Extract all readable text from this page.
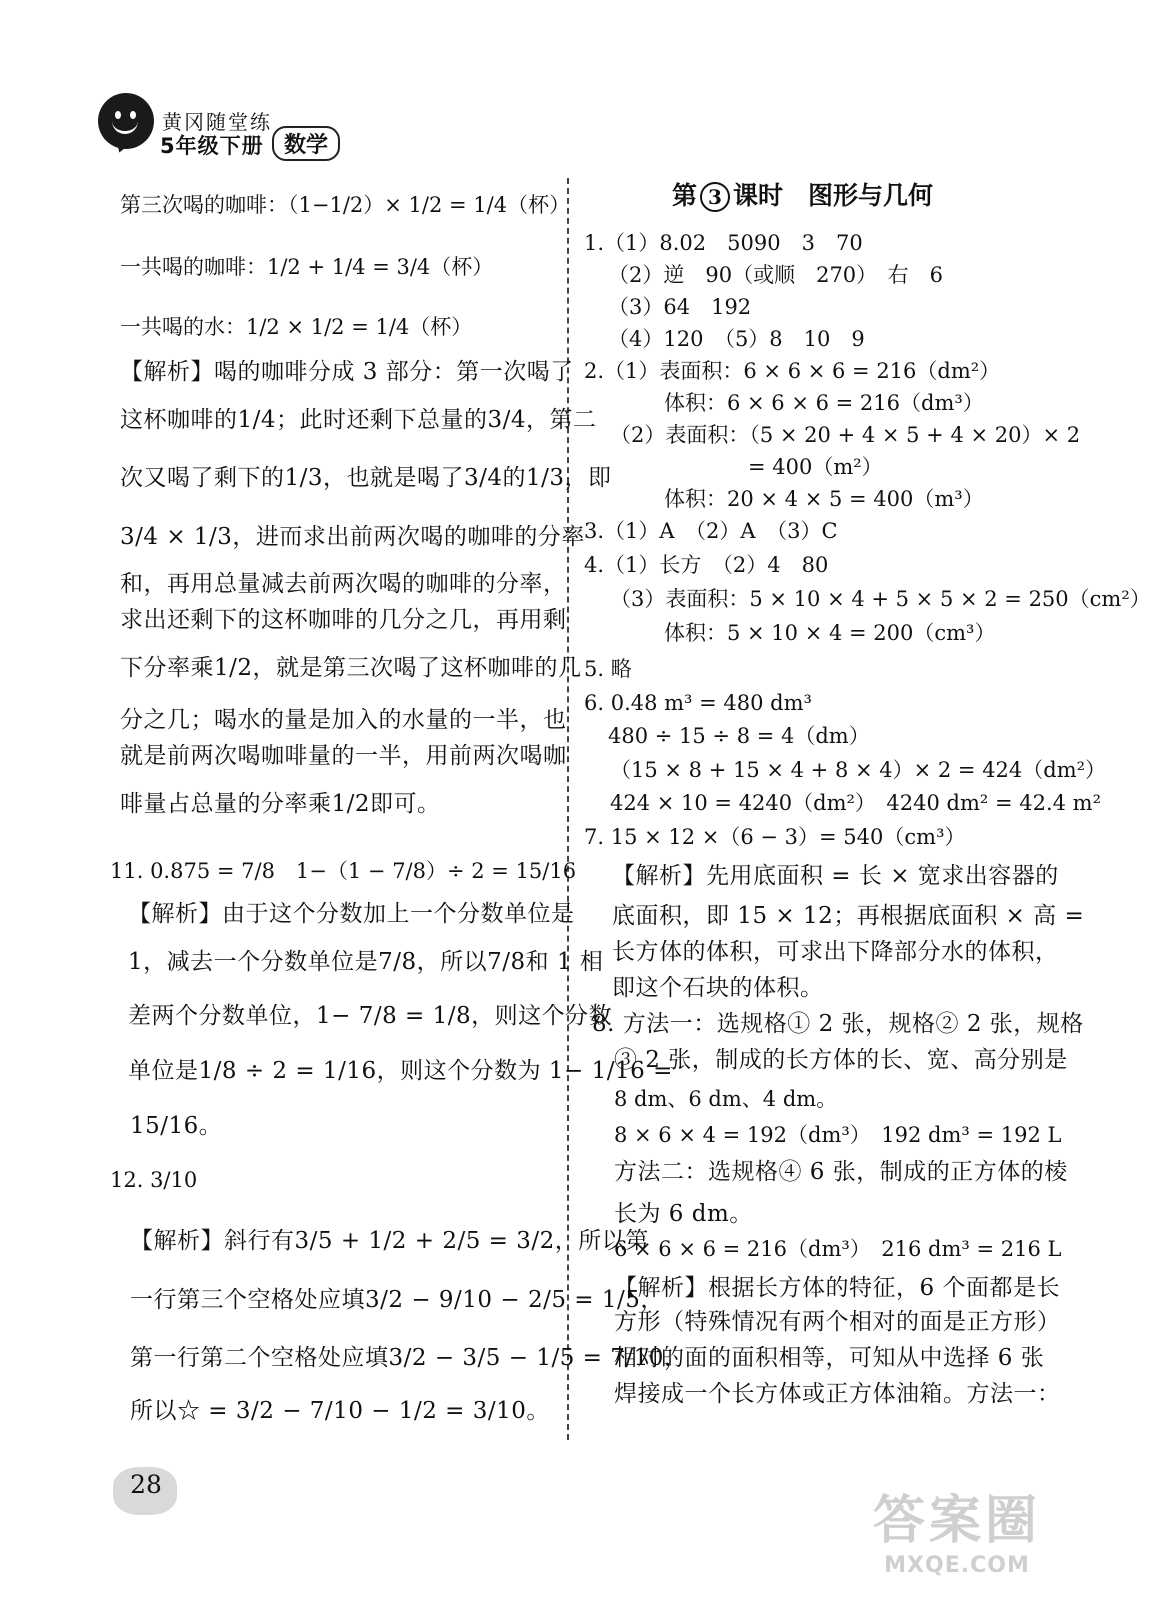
黄冈随堂练
5年级下册 数学
第三次喝的咖啡：（1−1/2）× 1/2 = 1/4（杯）
一共喝的咖啡：1/2 + 1/4 = 3/4（杯）
一共喝的水：1/2 × 1/2 = 1/4（杯）
【解析】喝的咖啡分成 3 部分：第一次喝了
这杯咖啡的1/4；此时还剩下总量的3/4，第二
次又喝了剩下的1/3，也就是喝了3/4的1/3，即
3/4 × 1/3，进而求出前两次喝的咖啡的分率
和，再用总量减去前两次喝的咖啡的分率，
求出还剩下的这杯咖啡的几分之几，再用剩
下分率乘1/2，就是第三次喝了这杯咖啡的几
分之几；喝水的量是加入的水量的一半，也
就是前两次喝咖啡量的一半，用前两次喝咖
啡量占总量的分率乘1/2即可。
11. 0.875 = 7/8　1−（1 − 7/8）÷ 2 = 15/16
【解析】由于这个分数加上一个分数单位是
1，减去一个分数单位是7/8，所以7/8和 1 相
差两个分数单位，1− 7/8 = 1/8，则这个分数
单位是1/8 ÷ 2 = 1/16，则这个分数为 1− 1/16 =
15/16。
12. 3/10
【解析】斜行有3/5 + 1/2 + 2/5 = 3/2，所以第
一行第三个空格处应填3/2 − 9/10 − 2/5 = 1/5，
第一行第二个空格处应填3/2 − 3/5 − 1/5 = 7/10，
所以☆ = 3/2 − 7/10 − 1/2 = 3/10。
第 3 课时　图形与几何
1.（1）8.02　5090　3　70
（2）逆　90（或顺　270）　右　6
（3）64　192
（4）120　（5）8　10　9
2.（1）表面积：6 × 6 × 6 = 216（dm²）
体积：6 × 6 × 6 = 216（dm³）
（2）表面积：（5 × 20 + 4 × 5 + 4 × 20）× 2
= 400（m²）
体积：20 × 4 × 5 = 400（m³）
3.（1）A　（2）A　（3）C
4.（1）长方　（2）4　80
（3）表面积：5 × 10 × 4 + 5 × 5 × 2 = 250（cm²）
体积：5 × 10 × 4 = 200（cm³）
5. 略
6. 0.48 m³ = 480 dm³
480 ÷ 15 ÷ 8 = 4（dm）
（15 × 8 + 15 × 4 + 8 × 4）× 2 = 424（dm²）
424 × 10 = 4240（dm²）　4240 dm² = 42.4 m²
7. 15 × 12 ×（6 − 3）= 540（cm³）
【解析】先用底面积 = 长 × 宽求出容器的
底面积，即 15 × 12；再根据底面积 × 高 =
长方体的体积，可求出下降部分水的体积，
即这个石块的体积。
8. 方法一：选规格① 2 张，规格② 2 张，规格
③ 2 张，制成的长方体的长、宽、高分别是
8 dm、6 dm、4 dm。
8 × 6 × 4 = 192（dm³）　192 dm³ = 192 L
方法二：选规格④ 6 张，制成的正方体的棱
长为 6 dm。
6 × 6 × 6 = 216（dm³）　216 dm³ = 216 L
【解析】根据长方体的特征，6 个面都是长
方形（特殊情况有两个相对的面是正方形）
相对的面的面积相等，可知从中选择 6 张
焊接成一个长方体或正方体油箱。方法一：
28
答案圈
MXQE.COM
